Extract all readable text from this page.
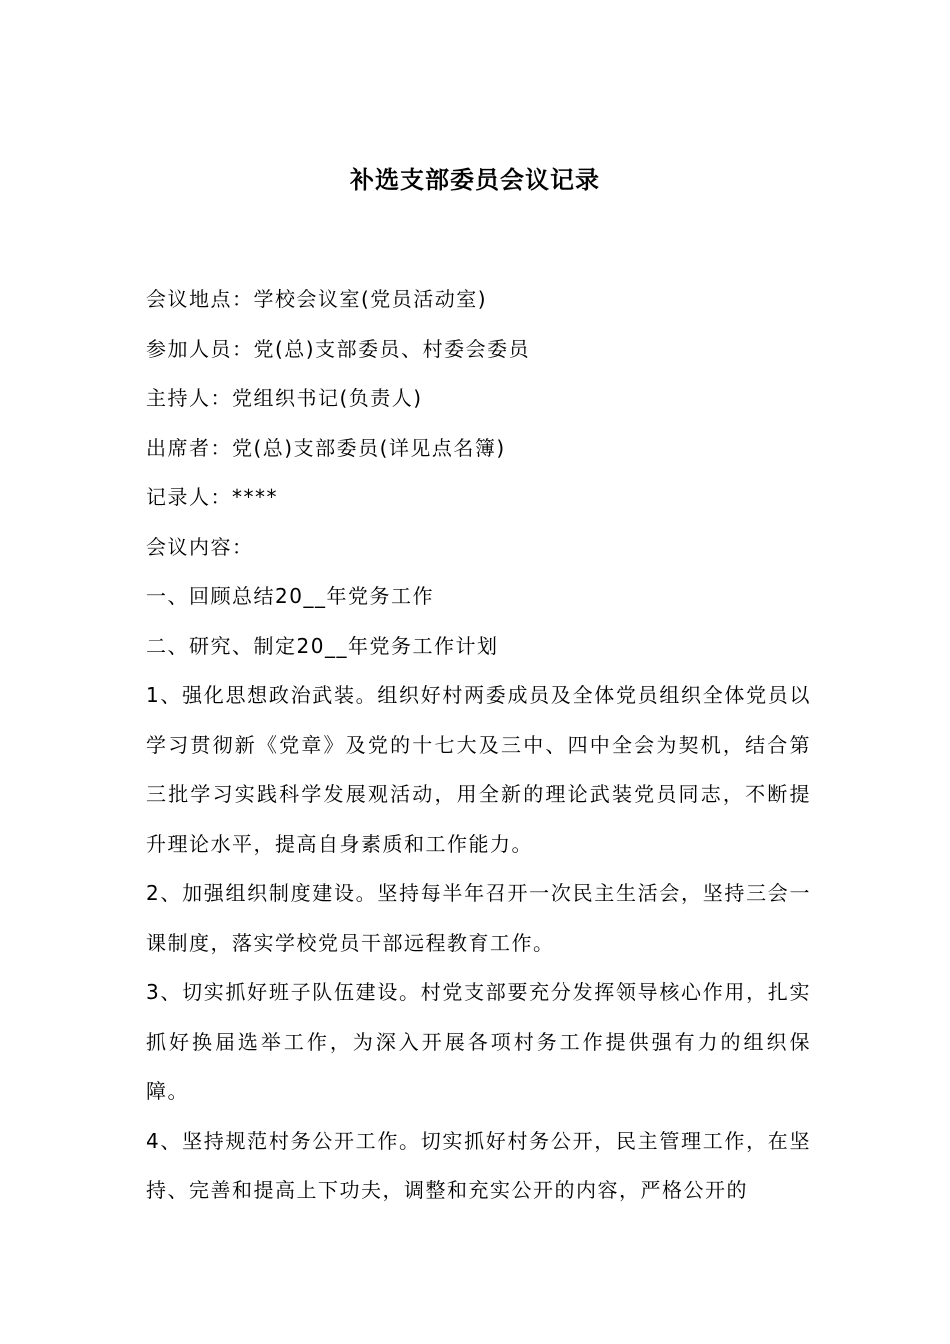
补选支部委员会议记录

会议地点：学校会议室(党员活动室)

参加人员：党(总)支部委员、村委会委员

主持人：党组织书记(负责人)

出席者：党(总)支部委员(详见点名簿)

记录人：****

会议内容：

一、回顾总结20__年党务工作

二、研究、制定20__年党务工作计划

1、强化思想政治武装。组织好村两委成员及全体党员组织全体党员以学习贯彻新《党章》及党的十七大及三中、四中全会为契机，结合第三批学习实践科学发展观活动，用全新的理论武装党员同志，不断提升理论水平，提高自身素质和工作能力。

2、加强组织制度建设。坚持每半年召开一次民主生活会，坚持三会一课制度，落实学校党员干部远程教育工作。

3、切实抓好班子队伍建设。村党支部要充分发挥领导核心作用，扎实抓好换届选举工作，为深入开展各项村务工作提供强有力的组织保障。

4、坚持规范村务公开工作。切实抓好村务公开，民主管理工作，在坚持、完善和提高上下功夫，调整和充实公开的内容，严格公开的
